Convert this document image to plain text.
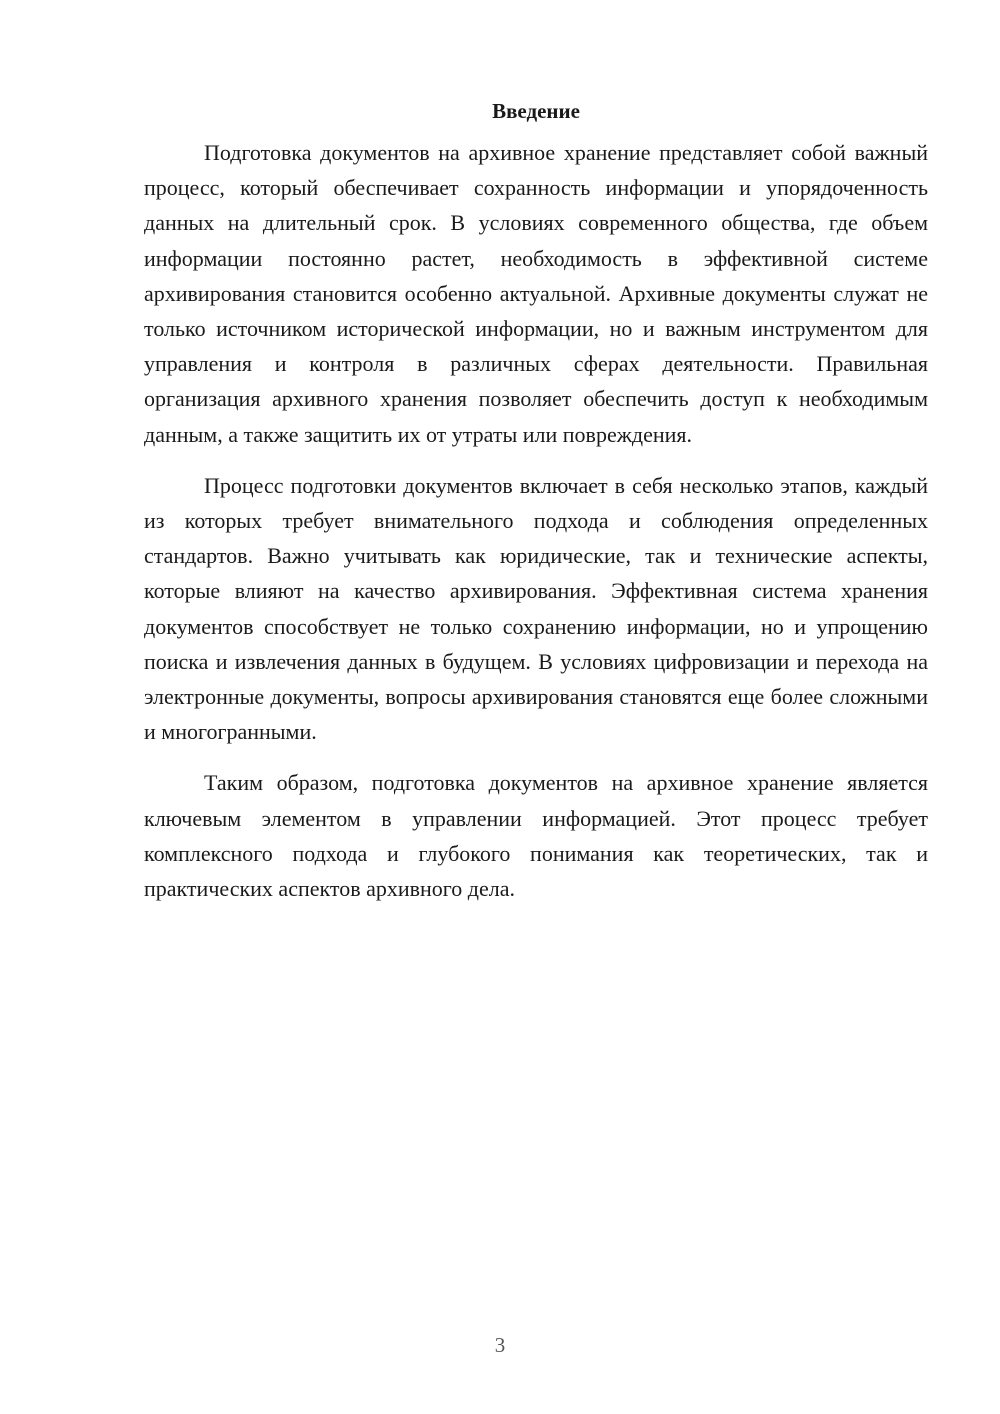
Введение

Подготовка документов на архивное хранение представляет собой важный процесс, который обеспечивает сохранность информации и упорядоченность данных на длительный срок. В условиях современного общества, где объем информации постоянно растет, необходимость в эффективной системе архивирования становится особенно актуальной. Архивные документы служат не только источником исторической информации, но и важным инструментом для управления и контроля в различных сферах деятельности. Правильная организация архивного хранения позволяет обеспечить доступ к необходимым данным, а также защитить их от утраты или повреждения.

Процесс подготовки документов включает в себя несколько этапов, каждый из которых требует внимательного подхода и соблюдения определенных стандартов. Важно учитывать как юридические, так и технические аспекты, которые влияют на качество архивирования. Эффективная система хранения документов способствует не только сохранению информации, но и упрощению поиска и извлечения данных в будущем. В условиях цифровизации и перехода на электронные документы, вопросы архивирования становятся еще более сложными и многогранными.

Таким образом, подготовка документов на архивное хранение является ключевым элементом в управлении информацией. Этот процесс требует комплексного подхода и глубокого понимания как теоретических, так и практических аспектов архивного дела.

3
